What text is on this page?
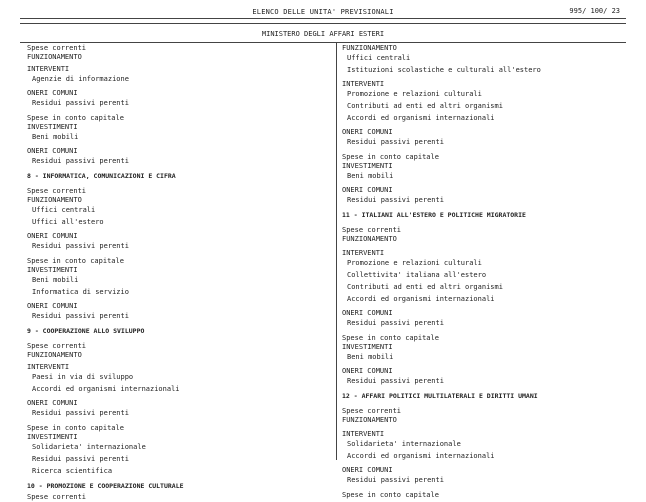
ELENCO DELLE UNITA' PREVISIONALI	995/ 100/ 23
MINISTERO DEGLI AFFARI ESTERI
Spese correnti
FUNZIONAMENTO
INTERVENTI
Agenzie di informazione
ONERI COMUNI
Residui passivi perenti
Spese in conto capitale
INVESTIMENTI
Beni mobili
ONERI COMUNI
Residui passivi perenti
8 - INFORMATICA, COMUNICAZIONI E CIFRA
Spese correnti
FUNZIONAMENTO
Uffici centrali
Uffici all'estero
ONERI COMUNI
Residui passivi perenti
Spese in conto capitale
INVESTIMENTI
Beni mobili
Informatica di servizio
ONERI COMUNI
Residui passivi perenti
9 - COOPERAZIONE ALLO SVILUPPO
Spese correnti
FUNZIONAMENTO
INTERVENTI
Paesi in via di sviluppo
Accordi ed organismi internazionali
ONERI COMUNI
Residui passivi perenti
Spese in conto capitale
INVESTIMENTI
Solidarieta' internazionale
Residui passivi perenti
Ricerca scientifica
10 - PROMOZIONE E COOPERAZIONE CULTURALE
Spese correnti
FUNZIONAMENTO
Uffici centrali
Istituzioni scolastiche e culturali all'estero
INTERVENTI
Promozione e relazioni culturali
Contributi ad enti ed altri organismi
Accordi ed organismi internazionali
ONERI COMUNI
Residui passivi perenti
Spese in conto capitale
INVESTIMENTI
Beni mobili
ONERI COMUNI
Residui passivi perenti
11 - ITALIANI ALL'ESTERO E POLITICHE MIGRATORIE
Spese correnti
FUNZIONAMENTO
INTERVENTI
Promozione e relazioni culturali
Collettivita' italiana all'estero
Contributi ad enti ed altri organismi
Accordi ed organismi internazionali
ONERI COMUNI
Residui passivi perenti
Spese in conto capitale
INVESTIMENTI
Beni mobili
ONERI COMUNI
Residui passivi perenti
12 - AFFARI POLITICI MULTILATERALI E DIRITTI UMANI
Spese correnti
FUNZIONAMENTO
INTERVENTI
Solidarieta' internazionale
Accordi ed organismi internazionali
ONERI COMUNI
Residui passivi perenti
Spese in conto capitale
